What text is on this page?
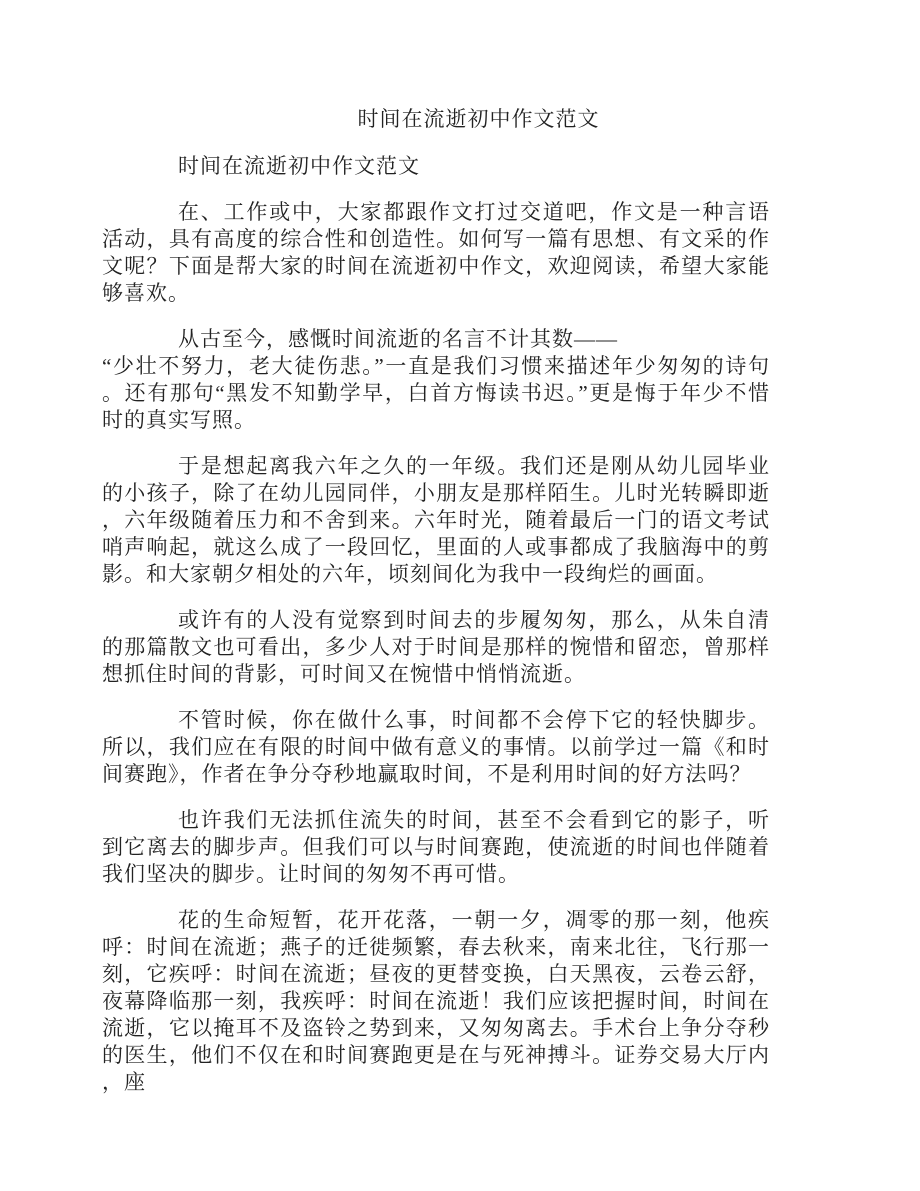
时间在流逝初中作文范文

时间在流逝初中作文范文

在、工作或中，大家都跟作文打过交道吧，作文是一种言语活动，具有高度的综合性和创造性。如何写一篇有思想、有文采的作文呢？下面是帮大家的时间在流逝初中作文，欢迎阅读，希望大家能够喜欢。

从古至今，感慨时间流逝的名言不计其数——

“少壮不努力，老大徒伤悲。”一直是我们习惯来描述年少匆匆的诗句。还有那句“黑发不知勤学早，白首方悔读书迟。”更是悔于年少不惜时的真实写照。

于是想起离我六年之久的一年级。我们还是刚从幼儿园毕业的小孩子，除了在幼儿园同伴，小朋友是那样陌生。儿时光转瞬即逝，六年级随着压力和不舍到来。六年时光，随着最后一门的语文考试哨声响起，就这么成了一段回忆，里面的人或事都成了我脑海中的剪影。和大家朝夕相处的六年，顷刻间化为我中一段绚烂的画面。

或许有的人没有觉察到时间去的步履匆匆，那么，从朱自清的那篇散文也可看出，多少人对于时间是那样的惋惜和留恋，曾那样想抓住时间的背影，可时间又在惋惜中悄悄流逝。

不管时候，你在做什么事，时间都不会停下它的轻快脚步。所以，我们应在有限的时间中做有意义的事情。以前学过一篇《和时间赛跑》，作者在争分夺秒地赢取时间，不是利用时间的好方法吗？

也许我们无法抓住流失的时间，甚至不会看到它的影子，听到它离去的脚步声。但我们可以与时间赛跑，使流逝的时间也伴随着我们坚决的脚步。让时间的匆匆不再可惜。

花的生命短暂，花开花落，一朝一夕，凋零的那一刻，他疾呼：时间在流逝；燕子的迁徙频繁，春去秋来，南来北往，飞行那一刻，它疾呼：时间在流逝；昼夜的更替变换，白天黑夜，云卷云舒，夜幕降临那一刻，我疾呼：时间在流逝！我们应该把握时间，时间在流逝，它以掩耳不及盗铃之势到来，又匆匆离去。手术台上争分夺秒的医生，他们不仅在和时间赛跑更是在与死神搏斗。证券交易大厅内，座
